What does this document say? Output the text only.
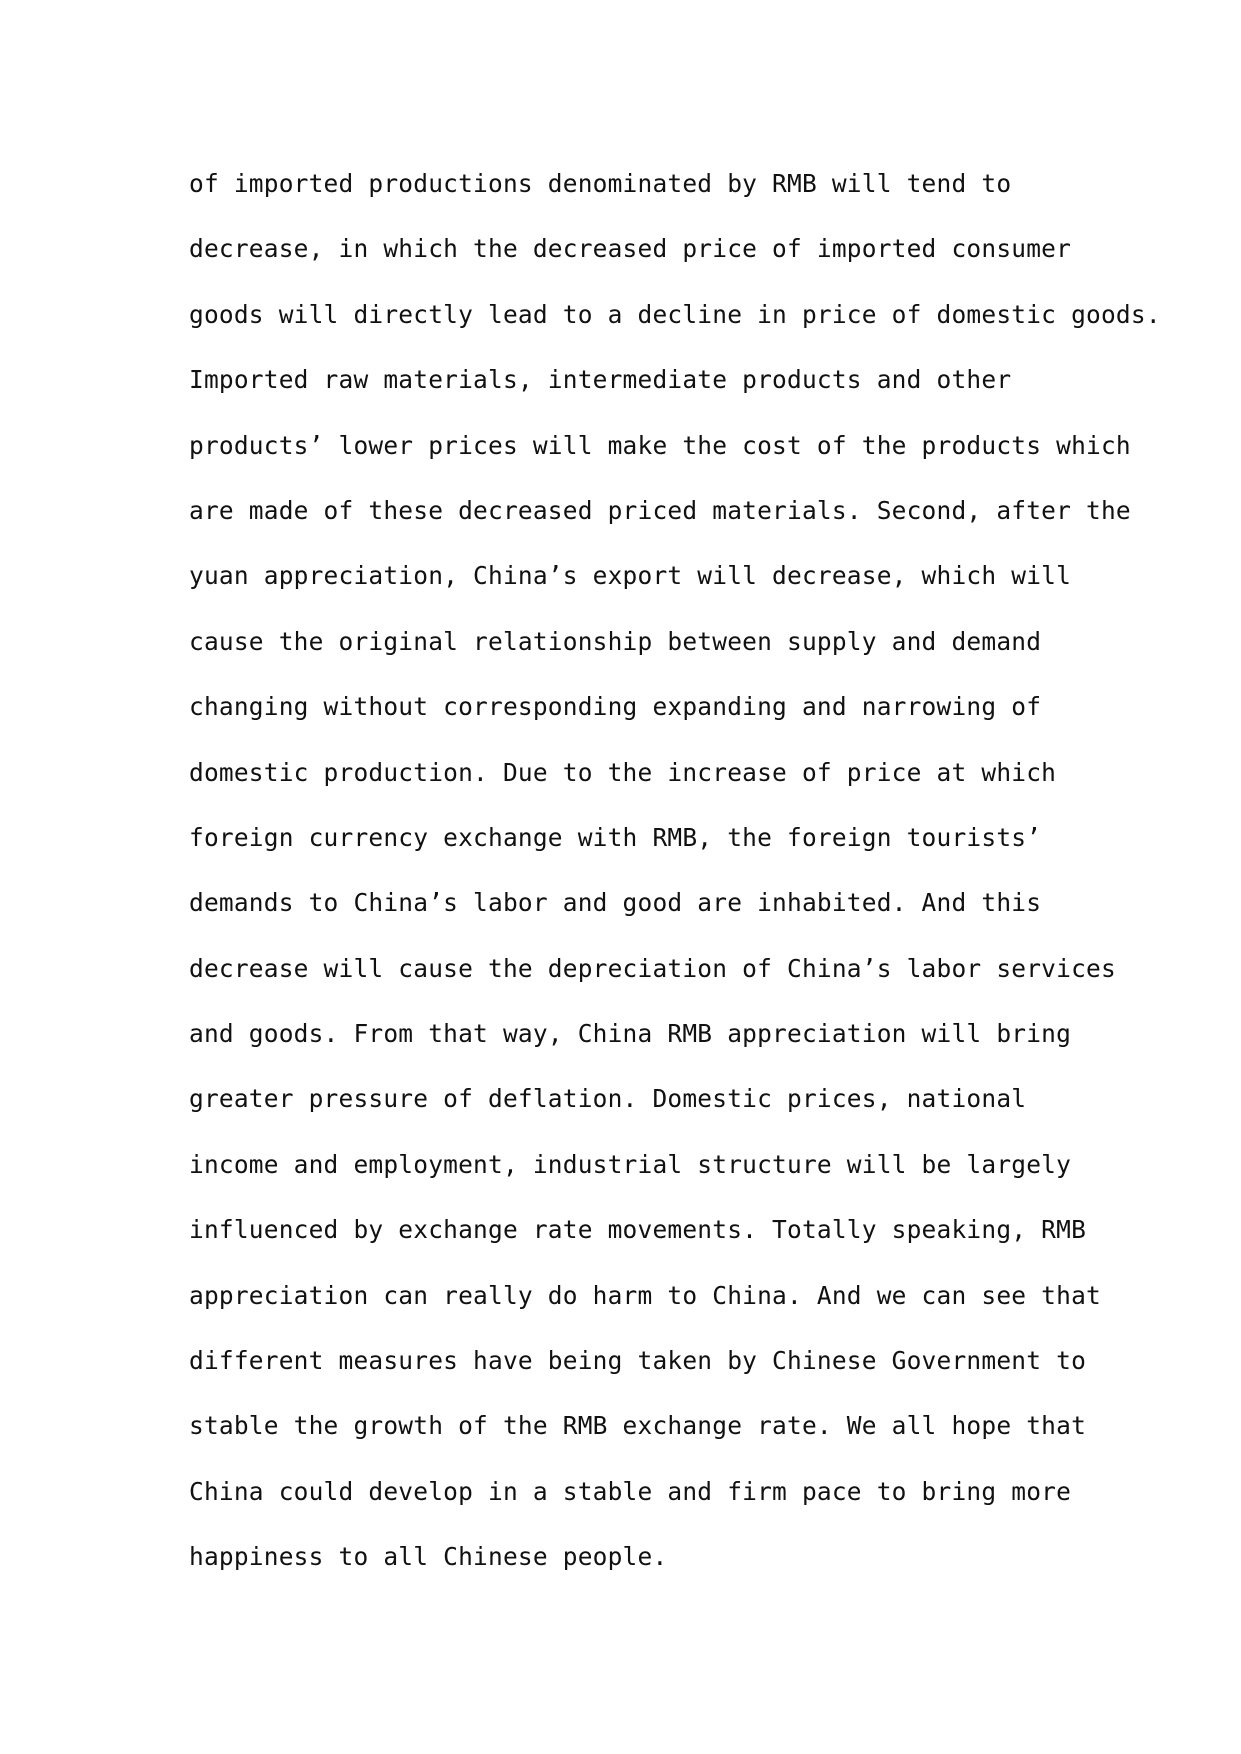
of imported productions denominated by RMB will tend to
decrease, in which the decreased price of imported consumer
goods will directly lead to a decline in price of domestic goods.
Imported raw materials, intermediate products and other
products’ lower prices will make the cost of the products which
are made of these decreased priced materials. Second, after the
yuan appreciation, China’s export will decrease, which will
cause the original relationship between supply and demand
changing without corresponding expanding and narrowing of
domestic production. Due to the increase of price at which
foreign currency exchange with RMB, the foreign tourists’
demands to China’s labor and good are inhabited. And this
decrease will cause the depreciation of China’s labor services
and goods. From that way, China RMB appreciation will bring
greater pressure of deflation. Domestic prices, national
income and employment, industrial structure will be largely
influenced by exchange rate movements. Totally speaking, RMB
appreciation can really do harm to China. And we can see that
different measures have being taken by Chinese Government to
stable the growth of the RMB exchange rate. We all hope that
China could develop in a stable and firm pace to bring more
happiness to all Chinese people.
